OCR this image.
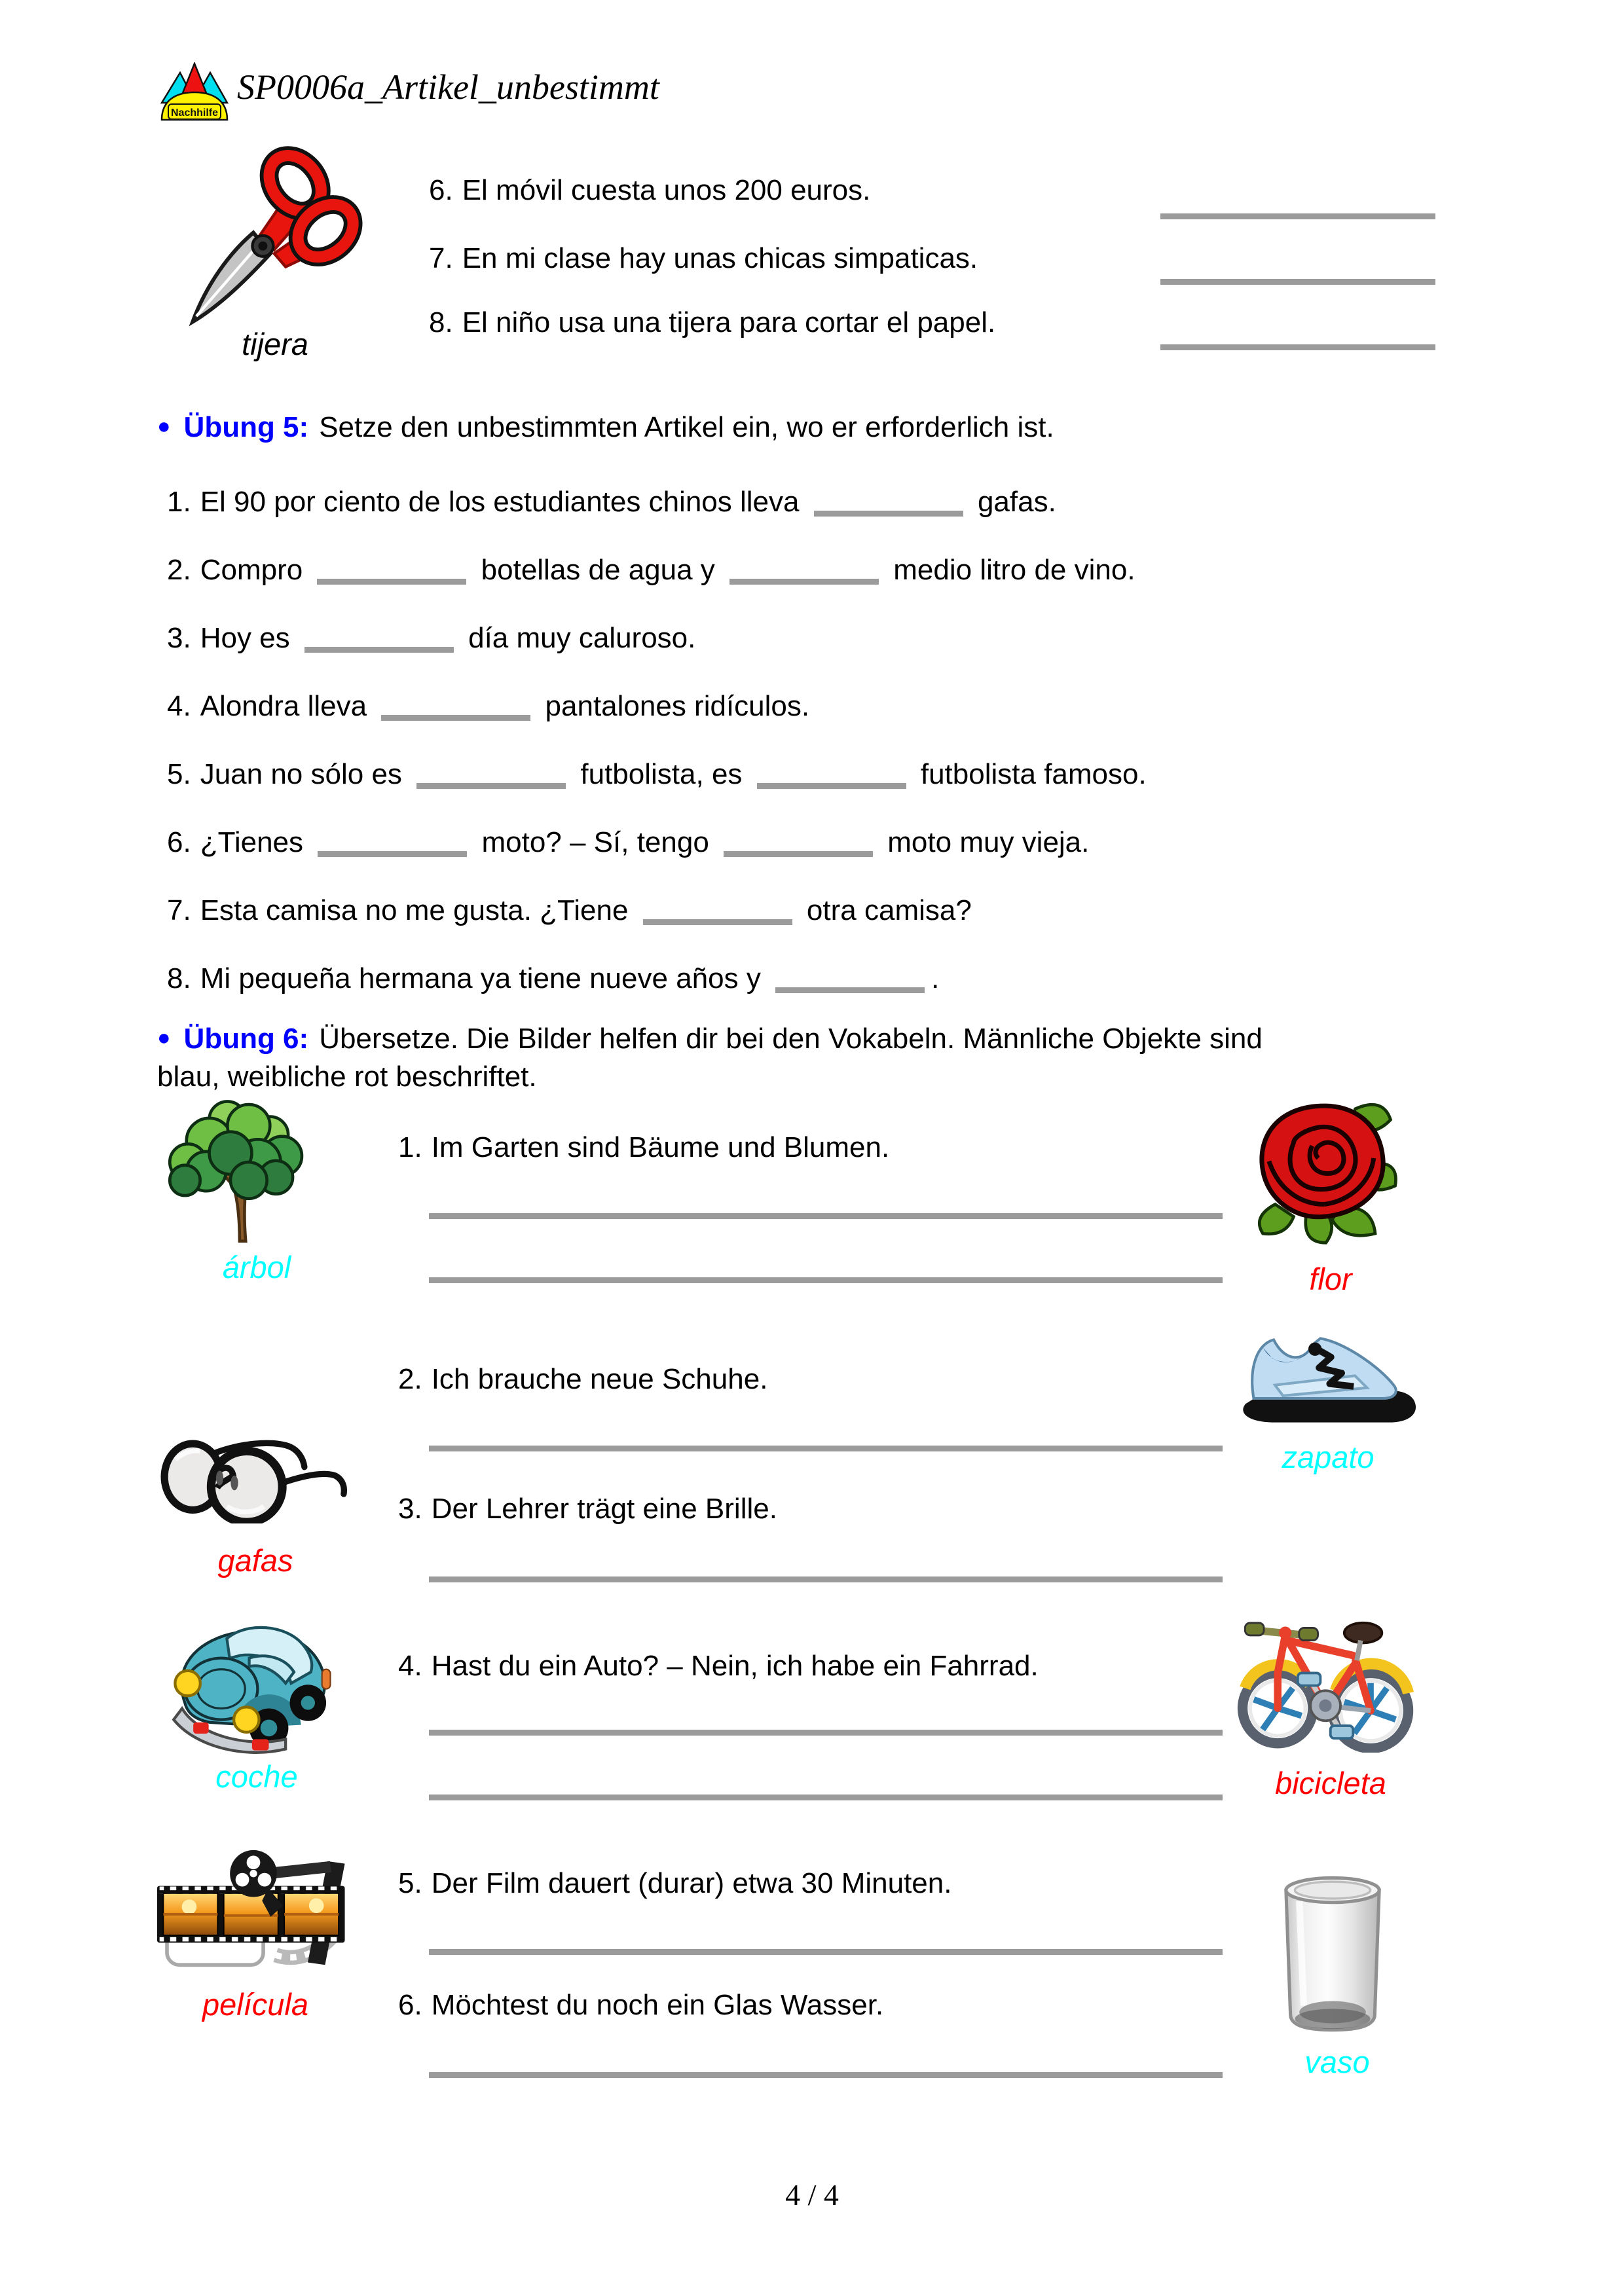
Nachhilfe
SP0006a_Artikel_unbestimmt
tijera
6. El móvil cuesta unos 200 euros.
7. En mi clase hay unas chicas simpaticas.
8. El niño usa una tijera para cortar el papel.
● Übung 5: Setze den unbestimmten Artikel ein, wo er erforderlich ist.
1. El 90 por ciento de los estudiantes chinos lleva	gafas.
2. Compro	botellas de agua y	medio litro de vino.
3. Hoy es	día muy caluroso.
4. Alondra lleva	pantalones ridículos.
5. Juan no sólo es	futbolista, es	futbolista famoso.
6. ¿Tienes	moto? – Sí, tengo	moto muy vieja.
7. Esta camisa no me gusta. ¿Tiene	otra camisa?
8. Mi pequeña hermana ya tiene nueve años y	.
● Übung 6: Übersetze. Die Bilder helfen dir bei den Vokabeln. Männliche Objekte sind
blau, weibliche rot beschriftet.
árbol	flor
1. Im Garten sind Bäume und Blumen.
zapato
2. Ich brauche neue Schuhe.
gafas
3. Der Lehrer trägt eine Brille.
coche	bicicleta
4. Hast du ein Auto? – Nein, ich habe ein Fahrrad.
película
5. Der Film dauert (durar) etwa 30 Minuten.
vaso
6. Möchtest du noch ein Glas Wasser.
4 / 4
